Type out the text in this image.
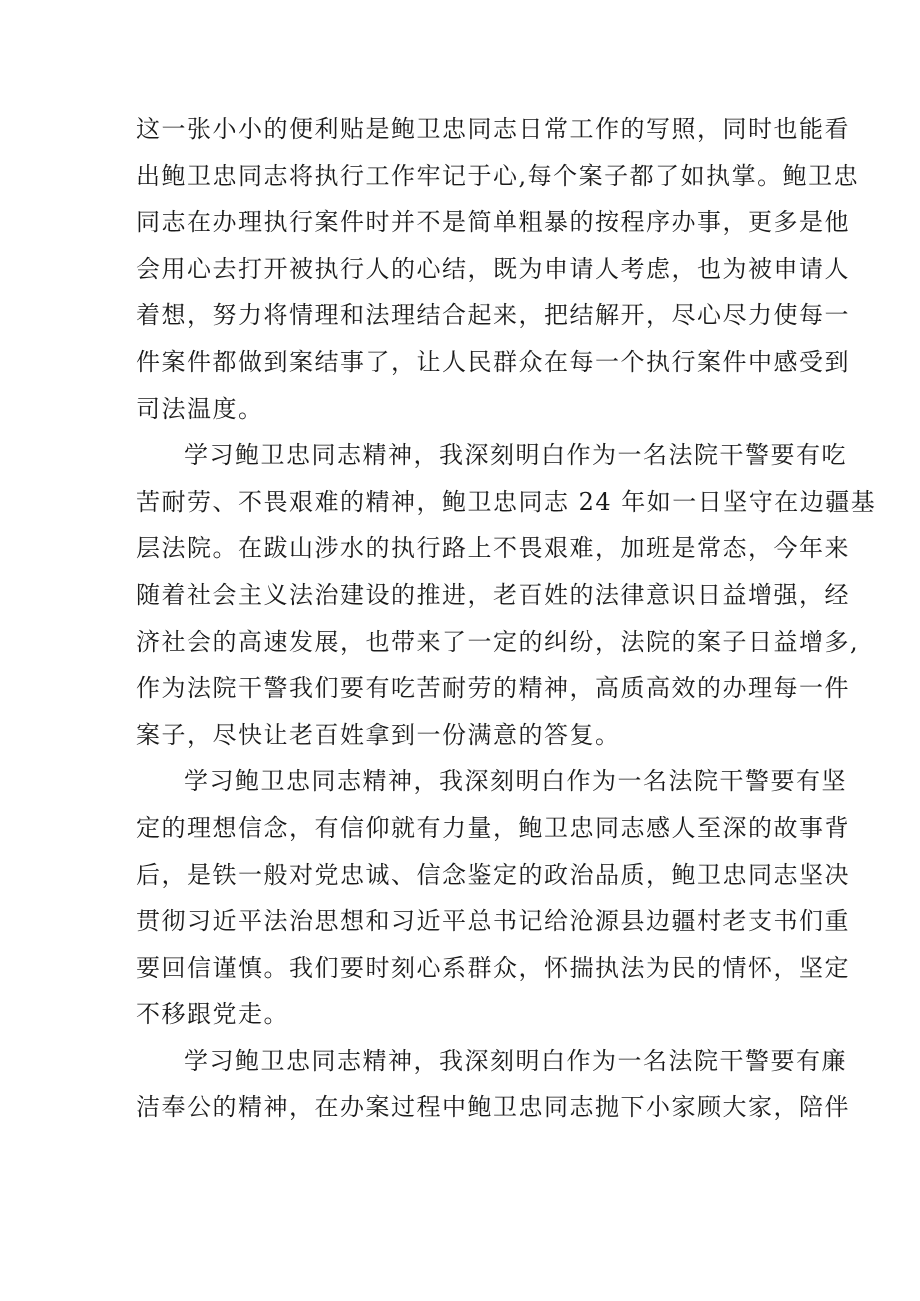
这一张小小的便利贴是鲍卫忠同志日常工作的写照，同时也能看
出鲍卫忠同志将执行工作牢记于心,每个案子都了如执掌。鲍卫忠
同志在办理执行案件时并不是简单粗暴的按程序办事，更多是他
会用心去打开被执行人的心结，既为申请人考虑，也为被申请人
着想，努力将情理和法理结合起来，把结解开，尽心尽力使每一
件案件都做到案结事了，让人民群众在每一个执行案件中感受到
司法温度。
学习鲍卫忠同志精神，我深刻明白作为一名法院干警要有吃
苦耐劳、不畏艰难的精神，鲍卫忠同志 24 年如一日坚守在边疆基
层法院。在跋山涉水的执行路上不畏艰难，加班是常态，今年来
随着社会主义法治建设的推进，老百姓的法律意识日益增强，经
济社会的高速发展，也带来了一定的纠纷，法院的案子日益增多,
作为法院干警我们要有吃苦耐劳的精神，高质高效的办理每一件
案子，尽快让老百姓拿到一份满意的答复。
学习鲍卫忠同志精神，我深刻明白作为一名法院干警要有坚
定的理想信念，有信仰就有力量，鲍卫忠同志感人至深的故事背
后，是铁一般对党忠诚、信念鉴定的政治品质，鲍卫忠同志坚决
贯彻习近平法治思想和习近平总书记给沧源县边疆村老支书们重
要回信谨慎。我们要时刻心系群众，怀揣执法为民的情怀，坚定
不移跟党走。
学习鲍卫忠同志精神，我深刻明白作为一名法院干警要有廉
洁奉公的精神，在办案过程中鲍卫忠同志抛下小家顾大家，陪伴
